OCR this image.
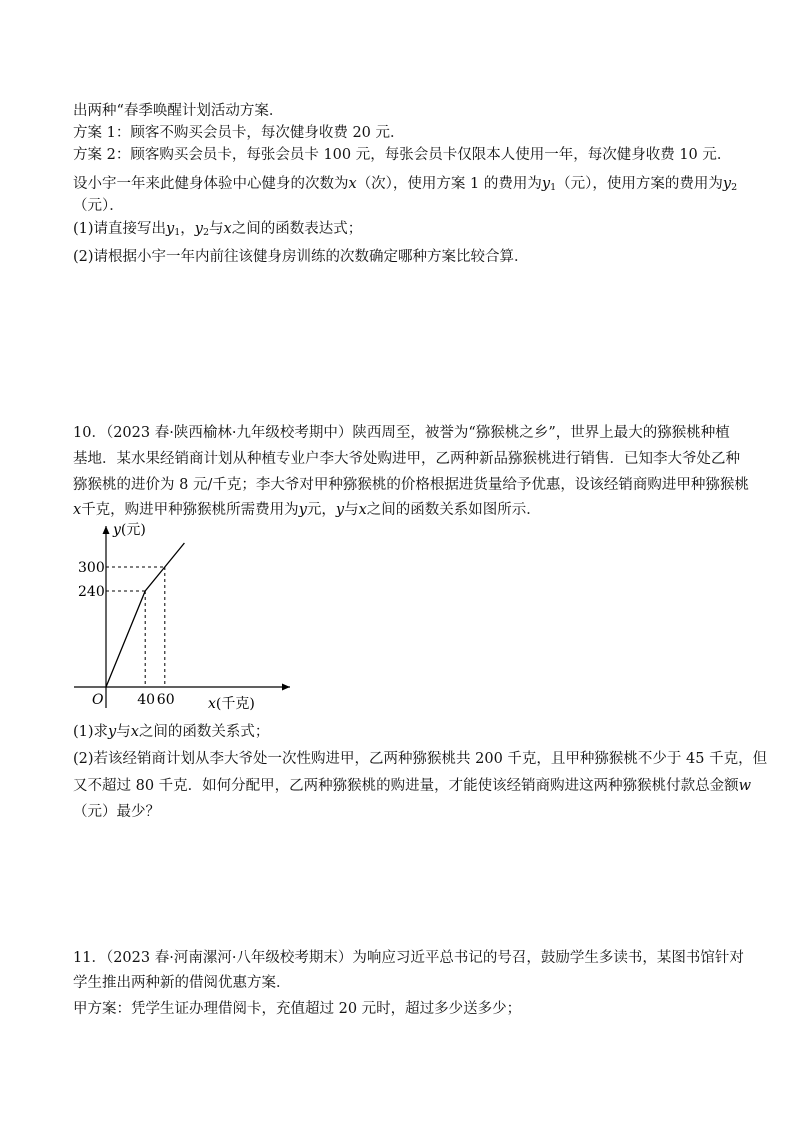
出两种“春季唤醒计划活动方案．
方案 1：顾客不购买会员卡，每次健身收费 20 元．
方案 2：顾客购买会员卡，每张会员卡 100 元，每张会员卡仅限本人使用一年，每次健身收费 10 元．
设小宇一年来此健身体验中心健身的次数为x（次），使用方案 1 的费用为$y_1$（元），使用方案的费用为$y_2$
（元）．
(1)请直接写出$y_1$，$y_2$与x之间的函数表达式；
(2)请根据小宇一年内前往该健身房训练的次数确定哪种方案比较合算．
10．（2023 春·陕西榆林·九年级校考期中）陕西周至，被誉为“猕猴桃之乡”，世界上最大的猕猴桃种植
基地．某水果经销商计划从种植专业户李大爷处购进甲，乙两种新品猕猴桃进行销售．已知李大爷处乙种
猕猴桃的进价为 8 元/千克；李大爷对甲种猕猴桃的价格根据进货量给予优惠，设该经销商购进甲种猕猴桃
x千克，购进甲种猕猴桃所需费用为y元，y与x之间的函数关系如图所示．
y(元)
x(千克)
O
300
240
40 60
(1)求y与x之间的函数关系式；
(2)若该经销商计划从李大爷处一次性购进甲，乙两种猕猴桃共 200 千克，且甲种猕猴桃不少于 45 千克，但
又不超过 80 千克．如何分配甲，乙两种猕猴桃的购进量，才能使该经销商购进这两种猕猴桃付款总金额w
（元）最少？
11．（2023 春·河南漯河·八年级校考期末）为响应习近平总书记的号召，鼓励学生多读书，某图书馆针对
学生推出两种新的借阅优惠方案．
甲方案：凭学生证办理借阅卡，充值超过 20 元时，超过多少送多少；
